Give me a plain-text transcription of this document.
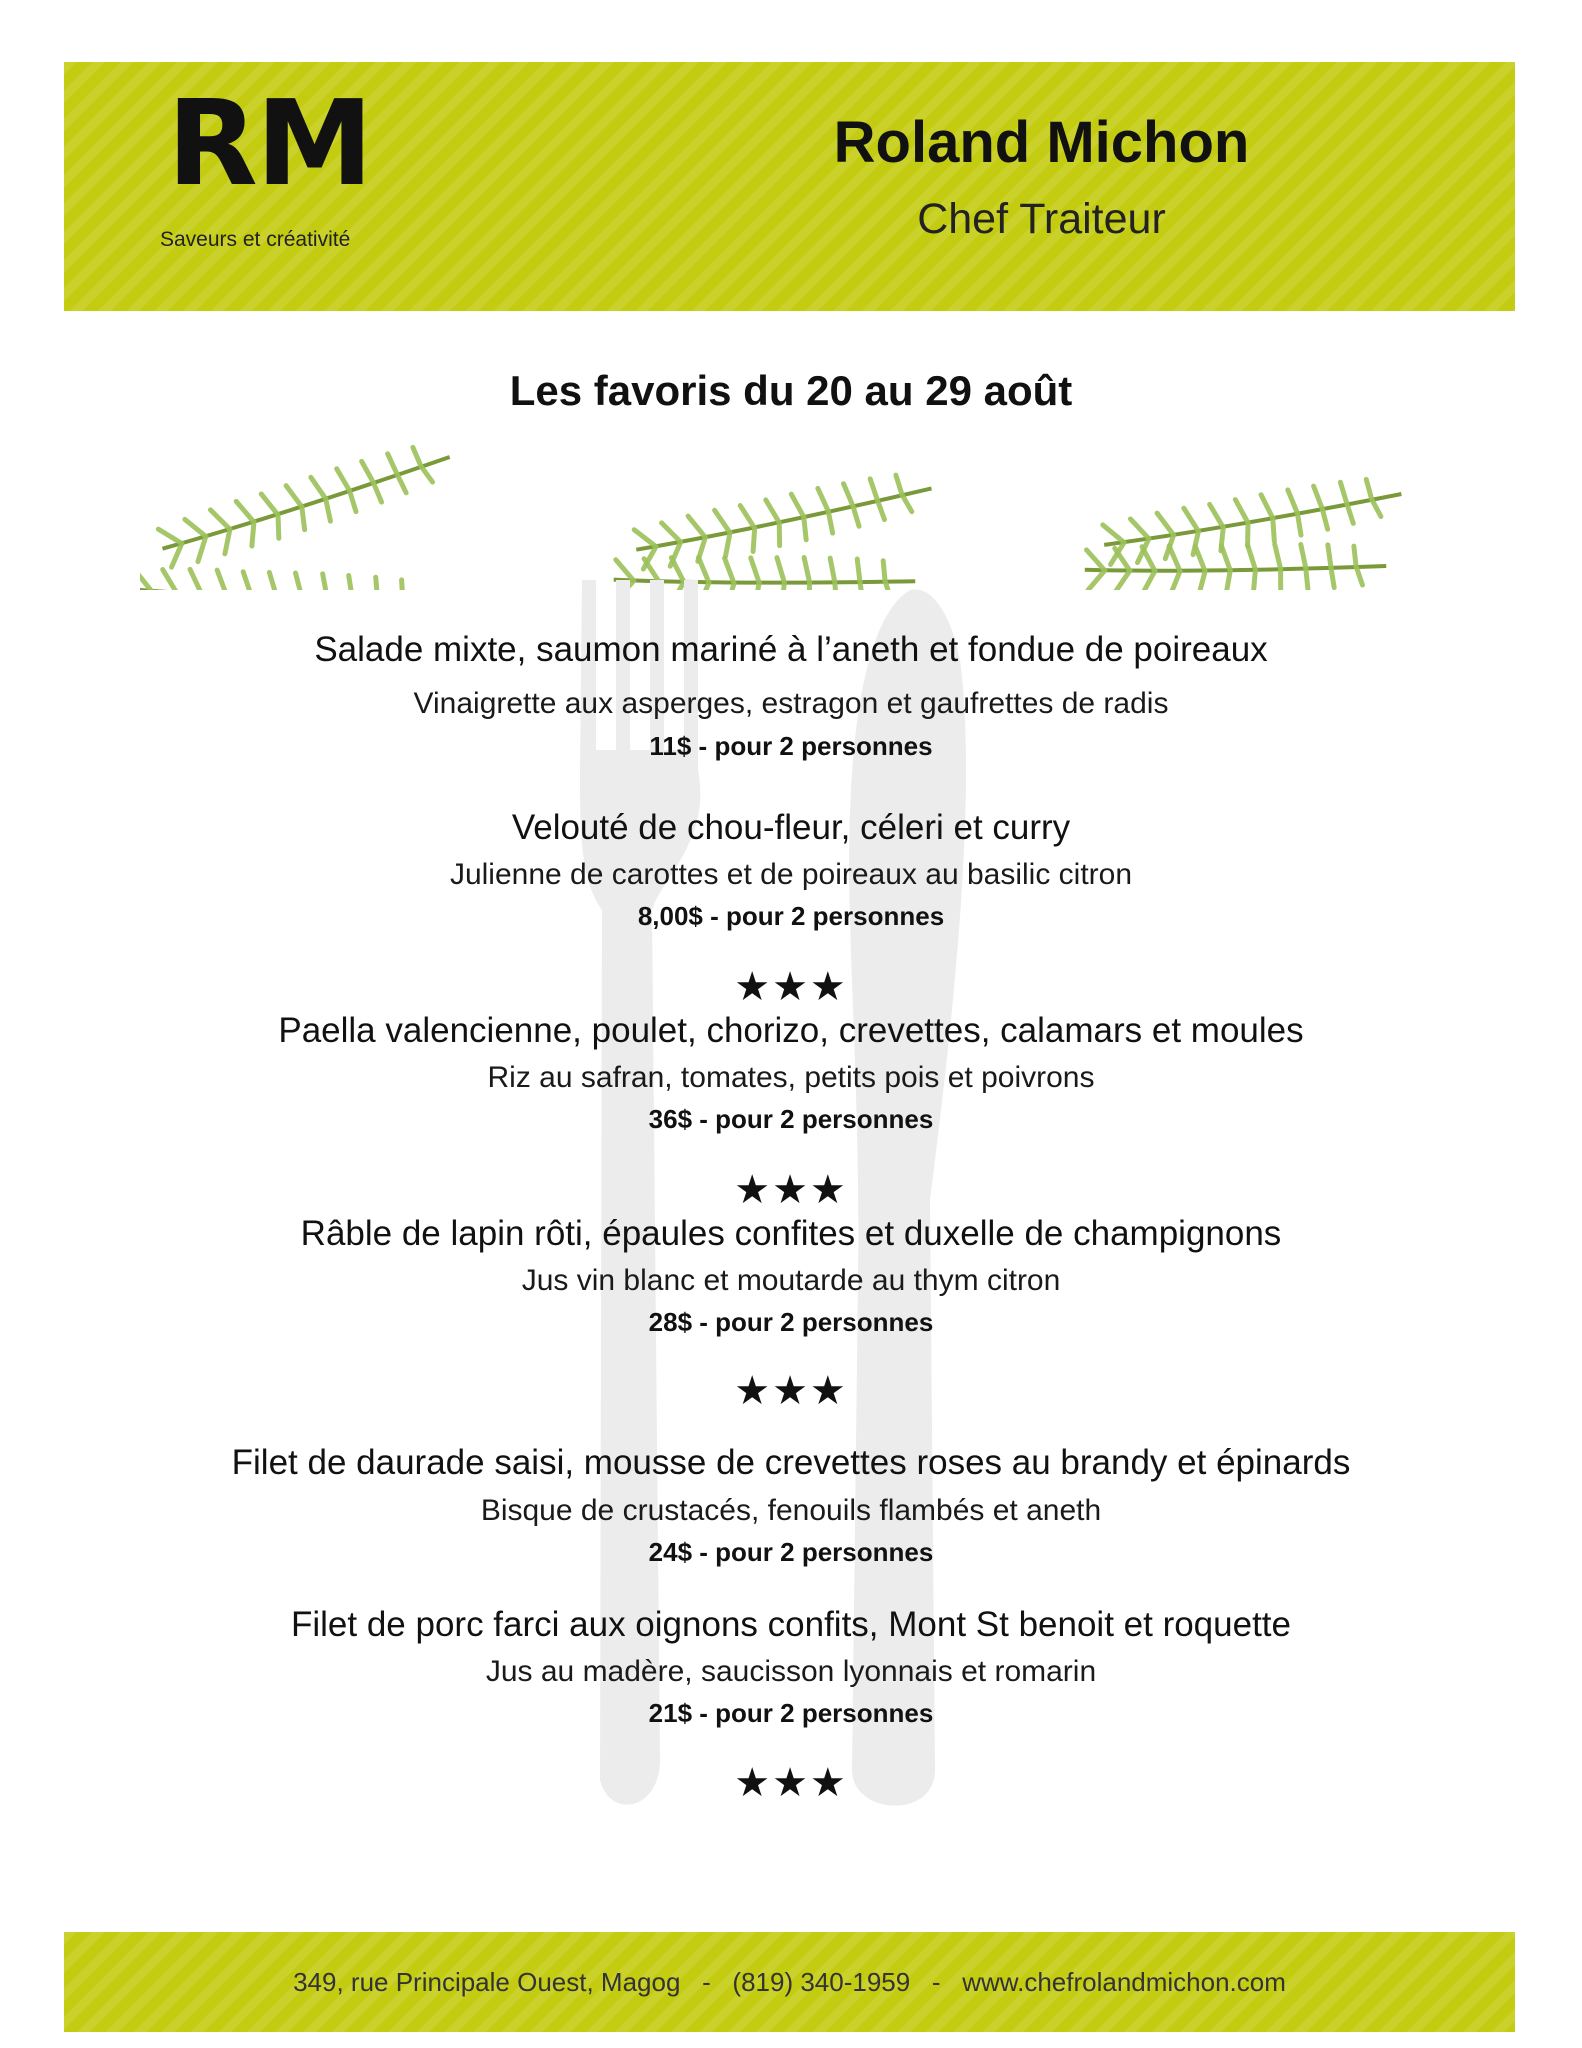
RM
Saveurs et créativité
Roland Michon
Chef Traiteur
Les favoris du 20 au 29 août
Salade mixte, saumon mariné à l’aneth et fondue de poireaux
Vinaigrette aux asperges, estragon et gaufrettes de radis
11$ - pour 2 personnes
Velouté de chou-fleur, céleri et curry
Julienne de carottes et de poireaux au basilic citron
8,00$ - pour 2 personnes
★★★
Paella valencienne, poulet, chorizo, crevettes, calamars et moules
Riz au safran, tomates, petits pois et poivrons
36$ - pour 2 personnes
★★★
Râble de lapin rôti, épaules confites et duxelle de champignons
Jus vin blanc et moutarde au thym citron
28$ - pour 2 personnes
★★★
Filet de daurade saisi, mousse de crevettes roses au brandy et épinards
Bisque de crustacés, fenouils flambés et aneth
24$ - pour 2 personnes
Filet de porc farci aux oignons confits, Mont St benoit et roquette
Jus au madère, saucisson lyonnais et romarin
21$ - pour 2 personnes
★★★
349, rue Principale Ouest, Magog   -   (819) 340-1959   -   www.chefrolandmichon.com
